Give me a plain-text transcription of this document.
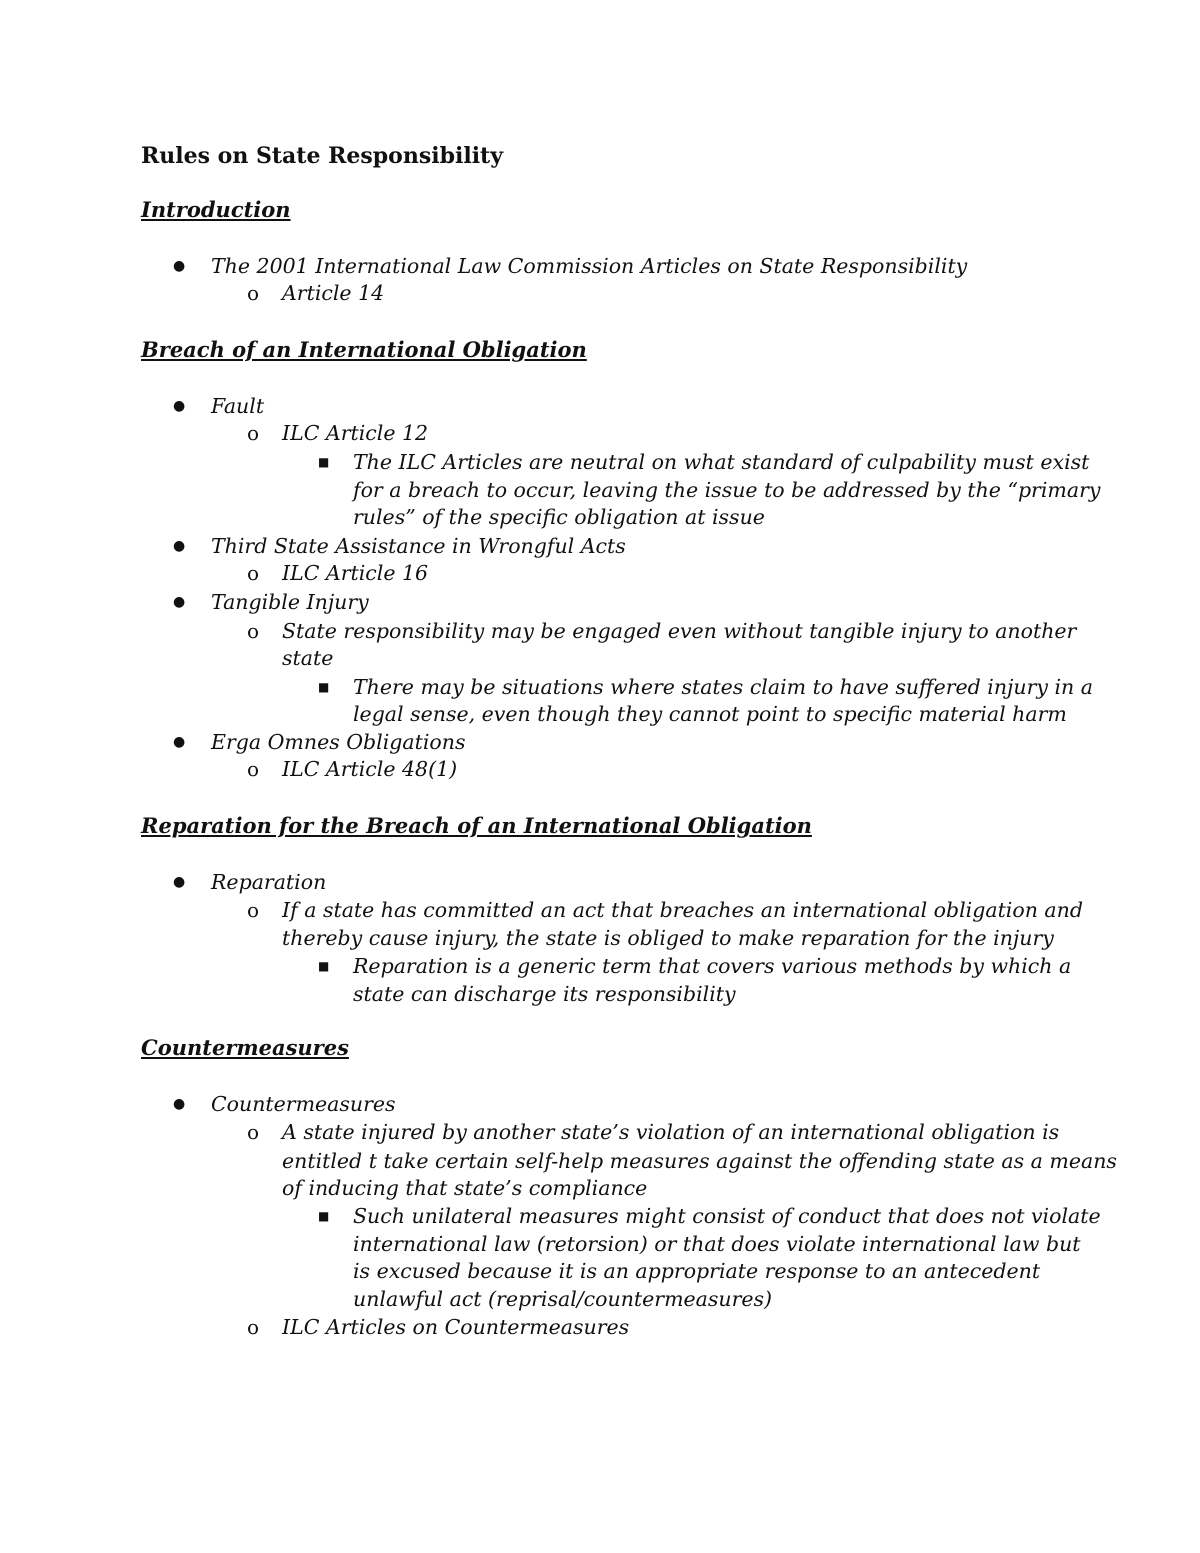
Rules on State Responsibility
Introduction
● The 2001 International Law Commission Articles on State Responsibility
o Article 14
Breach of an International Obligation
● Fault
o ILC Article 12
■ The ILC Articles are neutral on what standard of culpability must exist
for a breach to occur, leaving the issue to be addressed by the “primary
rules” of the specific obligation at issue
● Third State Assistance in Wrongful Acts
o ILC Article 16
● Tangible Injury
o State responsibility may be engaged even without tangible injury to another
state
■ There may be situations where states claim to have suffered injury in a
legal sense, even though they cannot point to specific material harm
● Erga Omnes Obligations
o ILC Article 48(1)
Reparation for the Breach of an International Obligation
● Reparation
o If a state has committed an act that breaches an international obligation and
thereby cause injury, the state is obliged to make reparation for the injury
■ Reparation is a generic term that covers various methods by which a
state can discharge its responsibility
Countermeasures
● Countermeasures
o A state injured by another state’s violation of an international obligation is
entitled t take certain self-help measures against the offending state as a means
of inducing that state’s compliance
■ Such unilateral measures might consist of conduct that does not violate
international law (retorsion) or that does violate international law but
is excused because it is an appropriate response to an antecedent
unlawful act (reprisal/countermeasures)
o ILC Articles on Countermeasures
